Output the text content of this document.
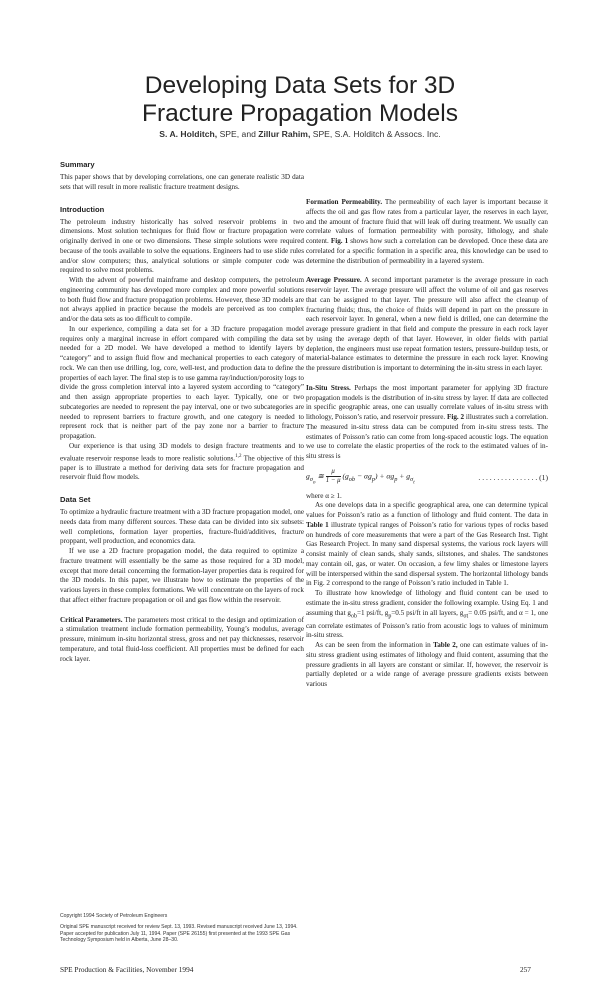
Developing Data Sets for 3D
Fracture Propagation Models
S. A. Holditch, SPE, and Zillur Rahim, SPE, S.A. Holditch & Assocs. Inc.
Summary

This paper shows that by developing correlations, one can generate realistic 3D data sets that will result in more realistic fracture treatment designs.

Introduction

The petroleum industry historically has solved reservoir problems in two dimensions. Most solution techniques for fluid flow or fracture propagation were originally derived in one or two dimensions. These simple solutions were required because of the tools available to solve the equations. Engineers had to use slide rules and/or slow computers; thus, analytical solutions or simple computer code was required to solve most problems.

With the advent of powerful mainframe and desktop computers, the petroleum engineering community has developed more complex and more powerful solutions to both fluid flow and fracture propagation problems. However, these 3D models are not always applied in practice because the models are perceived as too complex and/or the data sets as too difficult to compile.

In our experience, compiling a data set for a 3D fracture propagation model requires only a marginal increase in effort compared with compiling the data set needed for a 2D model. We have developed a method to identify layers by “category” and to assign fluid flow and mechanical properties to each category of rock. We can then use drilling, log, core, well-test, and production data to define the properties of each layer. The final step is to use gamma ray/induction/porosity logs to divide the gross completion interval into a layered system according to “category” and then assign appropriate properties to each layer. Typically, one or two subcategories are needed to represent the pay interval, one or two subcategories are needed to represent barriers to fracture growth, and one category is needed to represent rock that is neither part of the pay zone nor a barrier to fracture propagation.

Our experience is that using 3D models to design fracture treatments and to evaluate reservoir response leads to more realistic solutions.$^{1,2}$ The objective of this paper is to illustrate a method for deriving data sets for fracture propagation and reservoir fluid flow models.

Data Set

To optimize a hydraulic fracture treatment with a 3D fracture propagation model, one needs data from many different sources. These data can be divided into six subsets: well completions, formation layer properties, fracture-fluid/additives, fracture proppant, well production, and economics data.

If we use a 2D fracture propagation model, the data required to optimize a fracture treatment will essentially be the same as those required for a 3D model, except that more detail concerning the formation-layer properties data is required for the 3D models. In this paper, we illustrate how to estimate the properties of the various layers in these complex formations. We will concentrate on the layers of rock that affect either fracture propagation or oil and gas flow within the reservoir.

Critical Parameters. The parameters most critical to the design and optimization of a stimulation treatment include formation permeability, Young’s modulus, average pressure, minimum in-situ horizontal stress, gross and net pay thicknesses, reservoir temperature, and total fluid-loss coefficient. All properties must be defined for each rock layer.

Copyright 1994 Society of Petroleum Engineers

Original SPE manuscript received for review Sept. 13, 1993. Revised manuscript received June 13, 1994. Paper accepted for publication July 11, 1994. Paper (SPE 26155) first presented at the 1993 SPE Gas Technology Symposium held in Alberta, June 28–30.

Formation Permeability. The permeability of each layer is important because it affects the oil and gas flow rates from a particular layer, the reserves in each layer, and the amount of fracture fluid that will leak off during treatment. We usually can correlate values of formation permeability with porosity, lithology, and shale content. Fig. 1 shows how such a correlation can be developed. Once these data are correlated for a specific formation in a specific area, this knowledge can be used to determine the distribution of permeability in a layered system.

Average Pressure. A second important parameter is the average pressure in each reservoir layer. The average pressure will affect the volume of oil and gas reserves that can be assigned to that layer. The pressure will also affect the cleanup of fracturing fluids; thus, the choice of fluids will depend in part on the pressure in each reservoir layer. In general, when a new field is drilled, one can determine the average pressure gradient in that field and compute the pressure in each rock layer by using the average depth of that layer. However, in older fields with partial depletion, the engineers must use repeat formation testers, pressure-buildup tests, or material-balance estimates to determine the pressure in each rock layer. Knowing the pressure distribution is important to determining the in-situ stress in each layer.

In-Situ Stress. Perhaps the most important parameter for applying 3D fracture propagation models is the distribution of in-situ stress by layer. If data are collected in specific geographic areas, one can usually correlate values of in-situ stress with lithology, Poisson’s ratio, and reservoir pressure. Fig. 2 illustrates such a correlation. The measured in-situ stress data can be computed from in-situ stress tests. The estimates of Poisson’s ratio can come from long-spaced acoustic logs. The equation we use to correlate the elastic properties of the rock to the estimated values of in-situ stress is

$g_{\sigma_o}$ ≅ $\frac{\mu}{1 - \mu} (g_{ob} - \alpha g_p) + \alpha g_p + g_{\sigma_t}$
. . . . . . . . . . . . . . . . (1)

where α ≥ 1.

As one develops data in a specific geographical area, one can determine typical values for Poisson’s ratio as a function of lithology and fluid content. The data in Table 1 illustrate typical ranges of Poisson’s ratio for various types of rocks based on hundreds of core measurements that were a part of the Gas Research Inst. Tight Gas Research Project. In many sand dispersal systems, the various rock layers will consist mainly of clean sands, shaly sands, siltstones, and shales. The sandstones may contain oil, gas, or water. On occasion, a few limy shales or limestone layers will be interspersed within the sand dispersal system. The horizontal lithology bands in Fig. 2 correspond to the range of Poisson’s ratio included in Table 1.

To illustrate how knowledge of lithology and fluid content can be used to estimate the in-situ stress gradient, consider the following example. Using Eq. 1 and assuming that $g_{ob}=1$ psi/ft, $g_p=0.5$ psi/ft in all layers, $g_{\sigma t}= 0.05$ psi/ft, and α = 1, one can correlate estimates of Poisson’s ratio from acoustic logs to values of minimum in-situ stress.

As can be seen from the information in Table 2, one can estimate values of in-situ stress gradient using estimates of lithology and fluid content, assuming that the pressure gradients in all layers are constant or similar. If, however, the reservoir is partially depleted or a wide range of average pressure gradients exists between various

SPE Production & Facilities, November 1994	257
